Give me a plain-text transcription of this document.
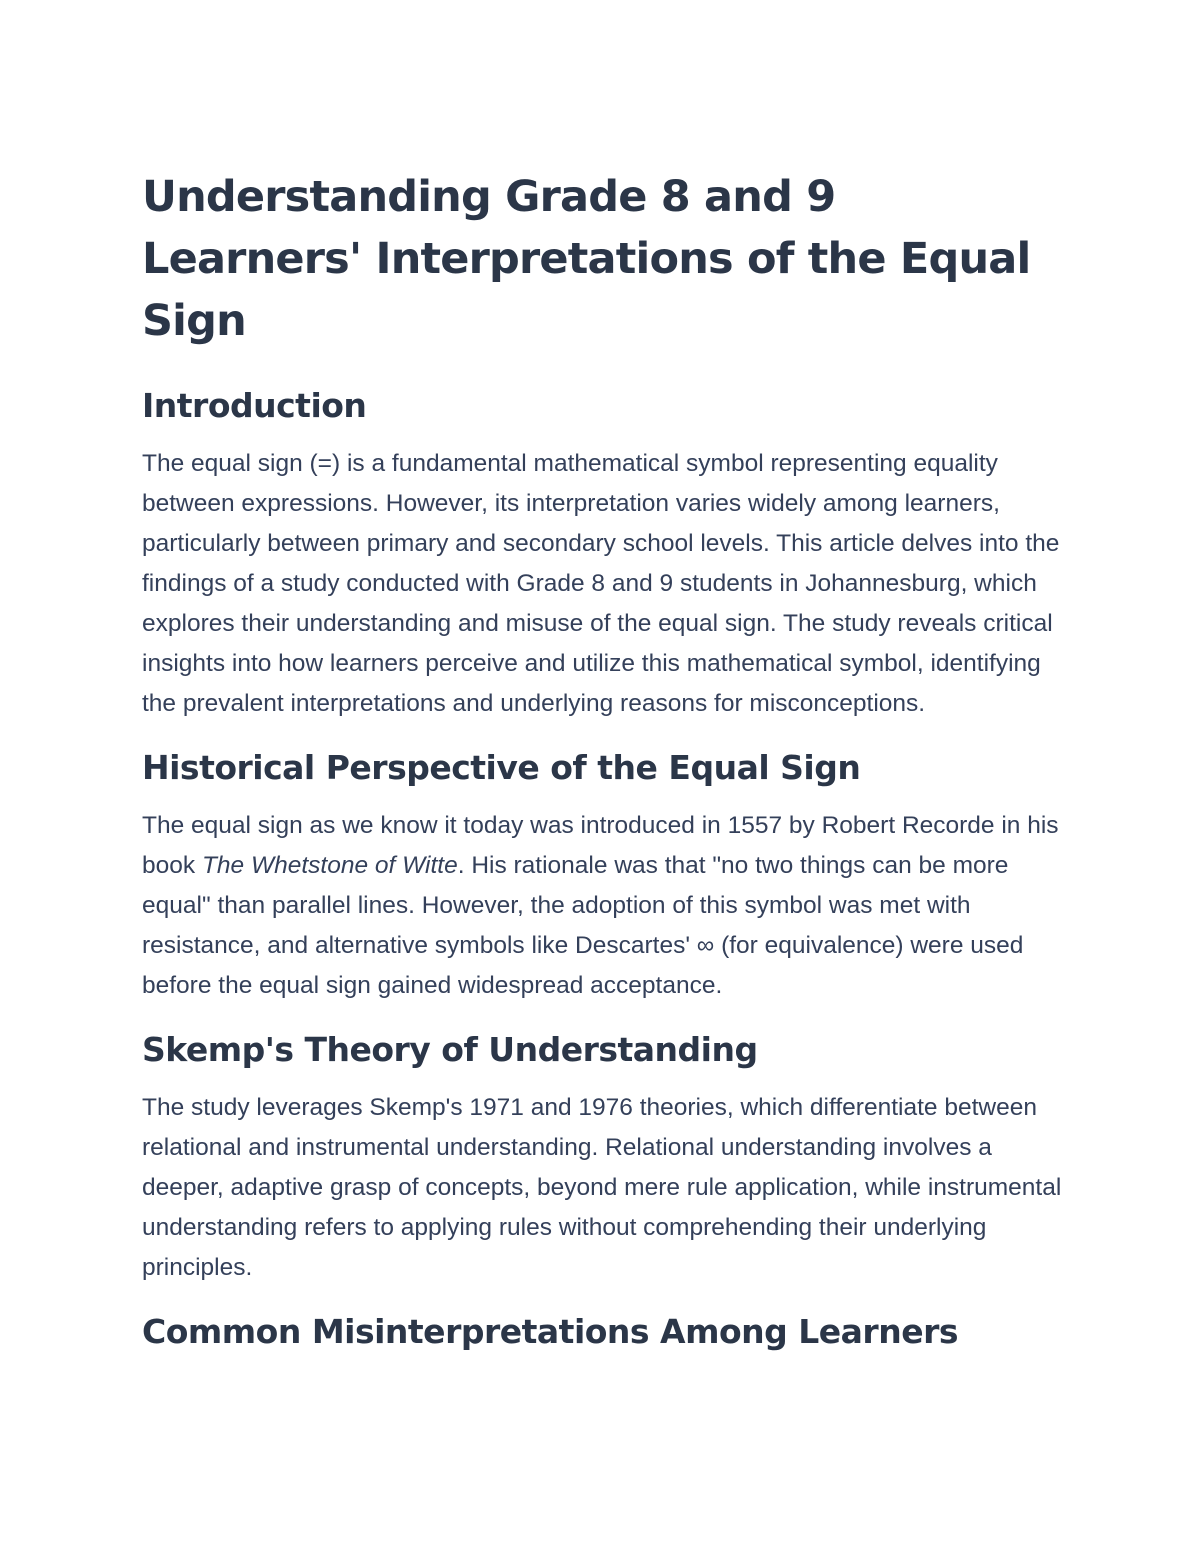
Understanding Grade 8 and 9 Learners' Interpretations of the Equal Sign
Introduction

The equal sign (=) is a fundamental mathematical symbol representing equality between expressions. However, its interpretation varies widely among learners, particularly between primary and secondary school levels. This article delves into the findings of a study conducted with Grade 8 and 9 students in Johannesburg, which explores their understanding and misuse of the equal sign. The study reveals critical insights into how learners perceive and utilize this mathematical symbol, identifying the prevalent interpretations and underlying reasons for misconceptions.

Historical Perspective of the Equal Sign

The equal sign as we know it today was introduced in 1557 by Robert Recorde in his book The Whetstone of Witte. His rationale was that "no two things can be more equal" than parallel lines. However, the adoption of this symbol was met with resistance, and alternative symbols like Descartes' ∞ (for equivalence) were used before the equal sign gained widespread acceptance.

Skemp's Theory of Understanding

The study leverages Skemp's 1971 and 1976 theories, which differentiate between relational and instrumental understanding. Relational understanding involves a deeper, adaptive grasp of concepts, beyond mere rule application, while instrumental understanding refers to applying rules without comprehending their underlying principles.

Common Misinterpretations Among Learners
